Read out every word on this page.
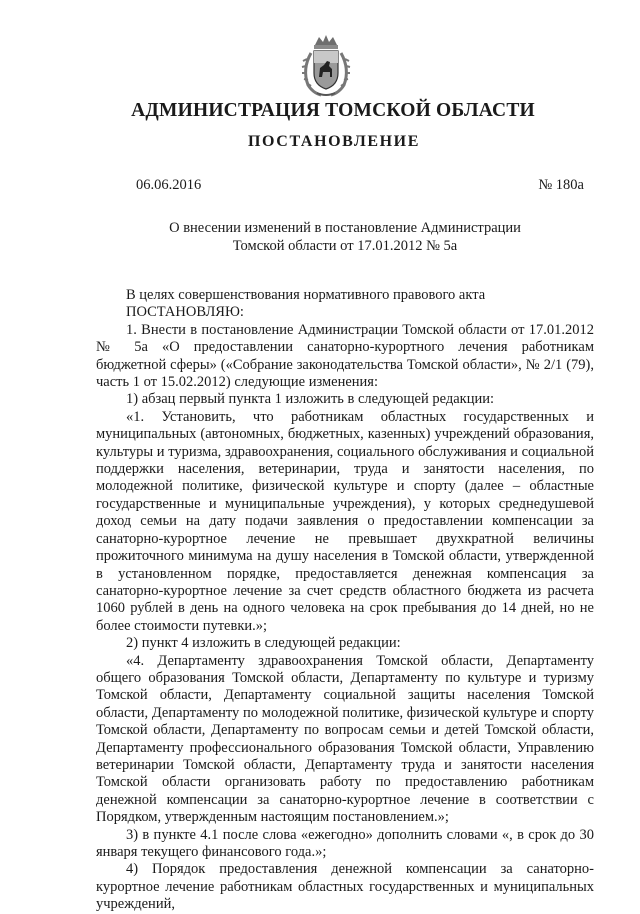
АДМИНИСТРАЦИЯ ТОМСКОЙ ОБЛАСТИ
ПОСТАНОВЛЕНИЕ
06.06.2016	№ 180а
О внесении изменений в постановление Администрации
Томской области от 17.01.2012 № 5а

В целях совершенствования нормативного правового акта

ПОСТАНОВЛЯЮ:

1. Внести в постановление Администрации Томской области от 17.01.2012 № 5а «О предоставлении санаторно-курортного лечения работникам бюджетной сферы» («Собрание законодательства Томской области», № 2/1 (79), часть 1 от 15.02.2012) следующие изменения:

1) абзац первый пункта 1 изложить в следующей редакции:

«1. Установить, что работникам областных государственных и муниципальных (автономных, бюджетных, казенных) учреждений образования, культуры и туризма, здравоохранения, социального обслуживания и социальной поддержки населения, ветеринарии, труда и занятости населения, по молодежной политике, физической культуре и спорту (далее – областные государственные и муниципальные учреждения), у которых среднедушевой доход семьи на дату подачи заявления о предоставлении компенсации за санаторно-курортное лечение не превышает двухкратной величины прожиточного минимума на душу населения в Томской области, утвержденной в установленном порядке, предоставляется денежная компенсация за санаторно-курортное лечение за счет средств областного бюджета из расчета 1060 рублей в день на одного человека на срок пребывания до 14 дней, но не более стоимости путевки.»;

2) пункт 4 изложить в следующей редакции:

«4. Департаменту здравоохранения Томской области, Департаменту общего образования Томской области, Департаменту по культуре и туризму Томской области, Департаменту социальной защиты населения Томской области, Департаменту по молодежной политике, физической культуре и спорту Томской области, Департаменту по вопросам семьи и детей Томской области, Департаменту профессионального образования Томской области, Управлению ветеринарии Томской области, Департаменту труда и занятости населения Томской области организовать работу по предоставлению работникам денежной компенсации за санаторно-курортное лечение в соответствии с Порядком, утвержденным настоящим постановлением.»;

3) в пункте 4.1 после слова «ежегодно» дополнить словами «, в срок до 30 января текущего финансового года.»;

4) Порядок предоставления денежной компенсации за санаторно-курортное лечение работникам областных государственных и муниципальных учреждений,
